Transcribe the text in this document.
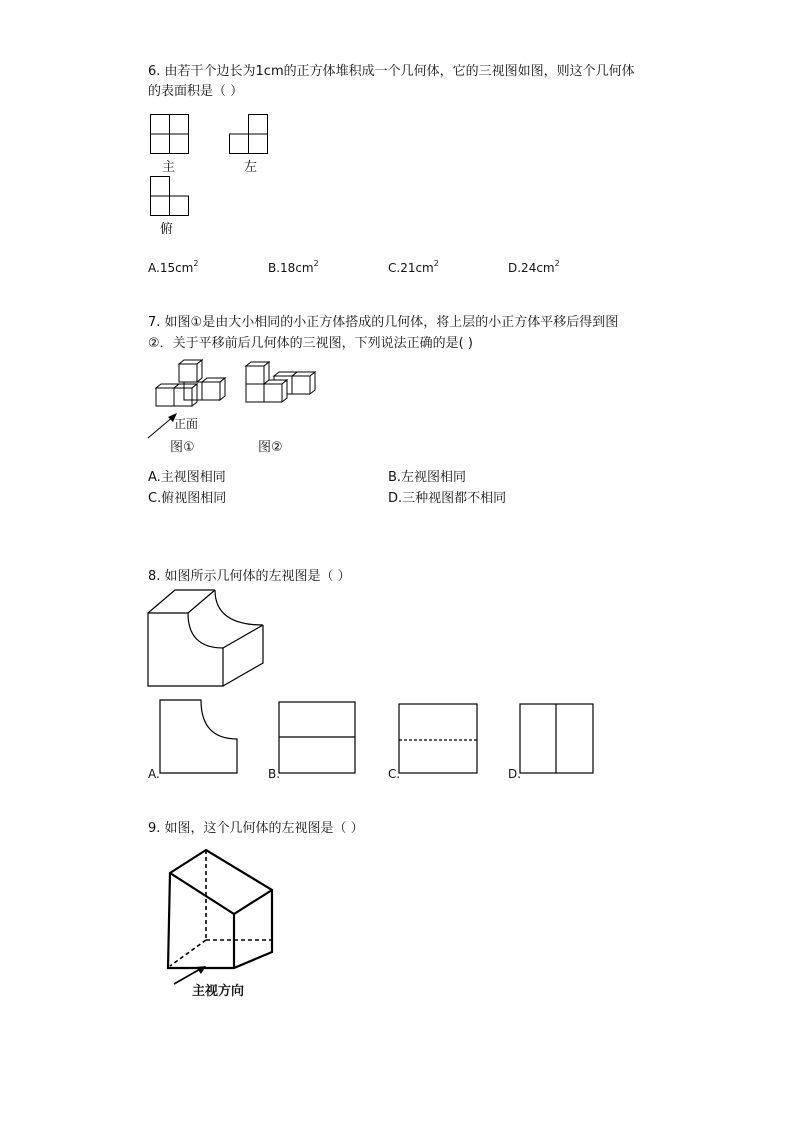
6. 由若干个边长为1cm的正方体堆积成一个几何体，它的三视图如图，则这个几何体
的表面积是（ ）
主	左
俯
$A.15cm^2$	$B.18cm^2$	$C.21cm^2$	$D.24cm^2$
7. 如图①是由大小相同的小正方体搭成的几何体，将上层的小正方体平移后得到图
②．关于平移前后几何体的三视图，下列说法正确的是( )
正面
图①	图②
A.主视图相同	B.左视图相同
C.俯视图相同	D.三种视图都不相同
8. 如图所示几何体的左视图是（ ）
A.	B.	C.	D.
9. 如图，这个几何体的左视图是（ ）
主视方向
